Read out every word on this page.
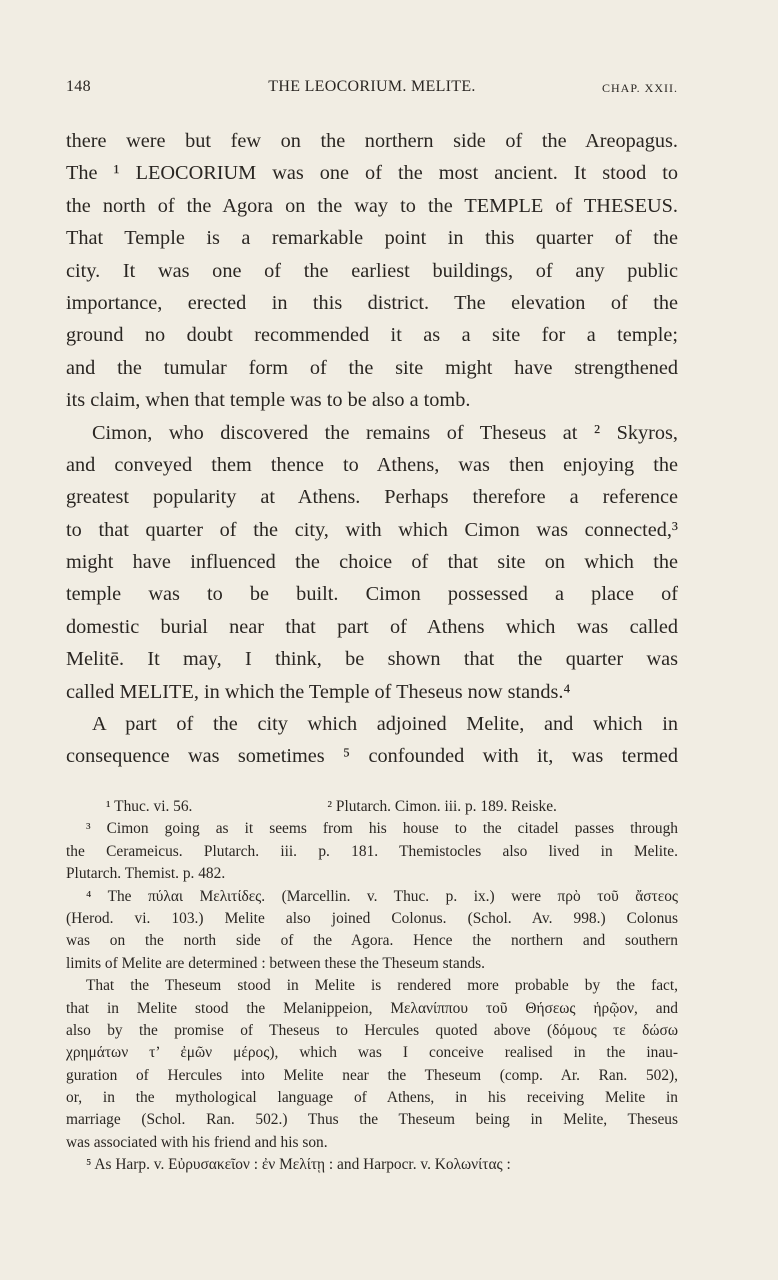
148	THE LEOCORIUM. MELITE.	CHAP. XXII.
there were but few on the northern side of the Areopagus.
The ¹ LEOCORIUM was one of the most ancient. It stood to
the north of the Agora on the way to the TEMPLE of THESEUS.
That Temple is a remarkable point in this quarter of the
city. It was one of the earliest buildings, of any public
importance, erected in this district. The elevation of the
ground no doubt recommended it as a site for a temple;
and the tumular form of the site might have strengthened
its claim, when that temple was to be also a tomb.
Cimon, who discovered the remains of Theseus at ² Skyros,
and conveyed them thence to Athens, was then enjoying the
greatest popularity at Athens. Perhaps therefore a reference
to that quarter of the city, with which Cimon was connected,³
might have influenced the choice of that site on which the
temple was to be built. Cimon possessed a place of
domestic burial near that part of Athens which was called
Melitē. It may, I think, be shown that the quarter was
called MELITE, in which the Temple of Theseus now stands.⁴
A part of the city which adjoined Melite, and which in
consequence was sometimes ⁵ confounded with it, was termed
¹ Thuc. vi. 56.	² Plutarch. Cimon. iii. p. 189. Reiske.
³ Cimon going as it seems from his house to the citadel passes through
the Cerameicus. Plutarch. iii. p. 181. Themistocles also lived in Melite.
Plutarch. Themist. p. 482.
⁴ The πύλαι Μελιτίδες. (Marcellin. v. Thuc. p. ix.) were πρὸ τοῦ ἄστεος
(Herod. vi. 103.) Melite also joined Colonus. (Schol. Av. 998.) Colonus
was on the north side of the Agora. Hence the northern and southern
limits of Melite are determined : between these the Theseum stands.
That the Theseum stood in Melite is rendered more probable by the fact,
that in Melite stood the Melanippeion, Μελανίππου τοῦ Θήσεως ἡρῷον, and
also by the promise of Theseus to Hercules quoted above (δόμους τε δώσω
χρημάτων τ’ ἐμῶν μέρος), which was I conceive realised in the inau-
guration of Hercules into Melite near the Theseum (comp. Ar. Ran. 502),
or, in the mythological language of Athens, in his receiving Melite in
marriage (Schol. Ran. 502.) Thus the Theseum being in Melite, Theseus
was associated with his friend and his son.
⁵ As Harp. v. Εὐρυσακεῖον : ἐν Μελίτῃ : and Harpocr. v. Κολωνίτας :
